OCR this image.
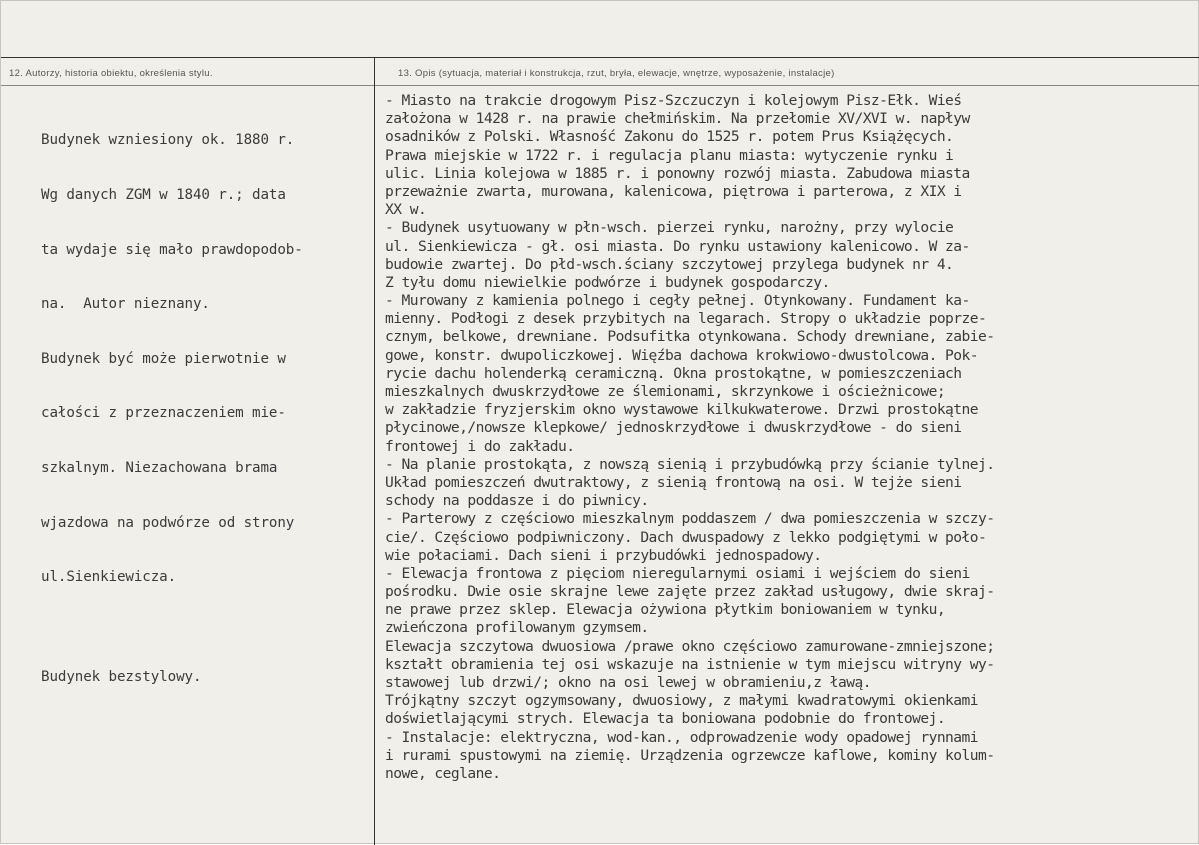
12. Autorzy, historia obiektu, określenia stylu.	13. Opis (sytuacja, materiał i konstrukcja, rzut, bryła, elewacje, wnętrze, wyposażenie, instalacje)

Budynek wzniesiony ok. 1880 r.

Wg danych ZGM w 1840 r.; data

ta wydaje się mało prawdopodob-

na.  Autor nieznany.

Budynek być może pierwotnie w

całości z przeznaczeniem mie-

szkalnym. Niezachowana brama

wjazdowa na podwórze od strony

ul.Sienkiewicza.

Budynek bezstylowy.

- Miasto na trakcie drogowym Pisz-Szczuczyn i kolejowym Pisz-Ełk. Wieś
założona w 1428 r. na prawie chełmińskim. Na przełomie XV/XVI w. napływ
osadników z Polski. Własność Zakonu do 1525 r. potem Prus Książęcych.
Prawa miejskie w 1722 r. i regulacja planu miasta: wytyczenie rynku i
ulic. Linia kolejowa w 1885 r. i ponowny rozwój miasta. Zabudowa miasta
przeważnie zwarta, murowana, kalenicowa, piętrowa i parterowa, z XIX i
XX w.
- Budynek usytuowany w płn-wsch. pierzei rynku, narożny, przy wylocie
ul. Sienkiewicza - gł. osi miasta. Do rynku ustawiony kalenicowo. W za-
budowie zwartej. Do płd-wsch.ściany szczytowej przylega budynek nr 4.
Z tyłu domu niewielkie podwórze i budynek gospodarczy.
- Murowany z kamienia polnego i cegły pełnej. Otynkowany. Fundament ka-
mienny. Podłogi z desek przybitych na legarach. Stropy o układzie poprze-
cznym, belkowe, drewniane. Podsufitka otynkowana. Schody drewniane, zabie-
gowe, konstr. dwupoliczkowej. Więźba dachowa krokwiowo-dwustolcowa. Pok-
rycie dachu holenderką ceramiczną. Okna prostokątne, w pomieszczeniach
mieszkalnych dwuskrzydłowe ze ślemionami, skrzynkowe i ościeżnicowe;
w zakładzie fryzjerskim okno wystawowe kilkukwaterowe. Drzwi prostokątne
płycinowe,/nowsze klepkowe/ jednoskrzydłowe i dwuskrzydłowe - do sieni
frontowej i do zakładu.
- Na planie prostokąta, z nowszą sienią i przybudówką przy ścianie tylnej.
Układ pomieszczeń dwutraktowy, z sienią frontową na osi. W tejże sieni
schody na poddasze i do piwnicy.
- Parterowy z częściowo mieszkalnym poddaszem / dwa pomieszczenia w szczy-
cie/. Częściowo podpiwniczony. Dach dwuspadowy z lekko podgiętymi w poło-
wie połaciami. Dach sieni i przybudówki jednospadowy.
- Elewacja frontowa z pięciom nieregularnymi osiami i wejściem do sieni
pośrodku. Dwie osie skrajne lewe zajęte przez zakład usługowy, dwie skraj-
ne prawe przez sklep. Elewacja ożywiona płytkim boniowaniem w tynku,
zwieńczona profilowanym gzymsem.
Elewacja szczytowa dwuosiowa /prawe okno częściowo zamurowane-zmniejszone;
kształt obramienia tej osi wskazuje na istnienie w tym miejscu witryny wy-
stawowej lub drzwi/; okno na osi lewej w obramieniu,z ławą.
Trójkątny szczyt ogzymsowany, dwuosiowy, z małymi kwadratowymi okienkami
doświetlającymi strych. Elewacja ta boniowana podobnie do frontowej.
- Instalacje: elektryczna, wod-kan., odprowadzenie wody opadowej rynnami
i rurami spustowymi na ziemię. Urządzenia ogrzewcze kaflowe, kominy kolum-
nowe, ceglane.
